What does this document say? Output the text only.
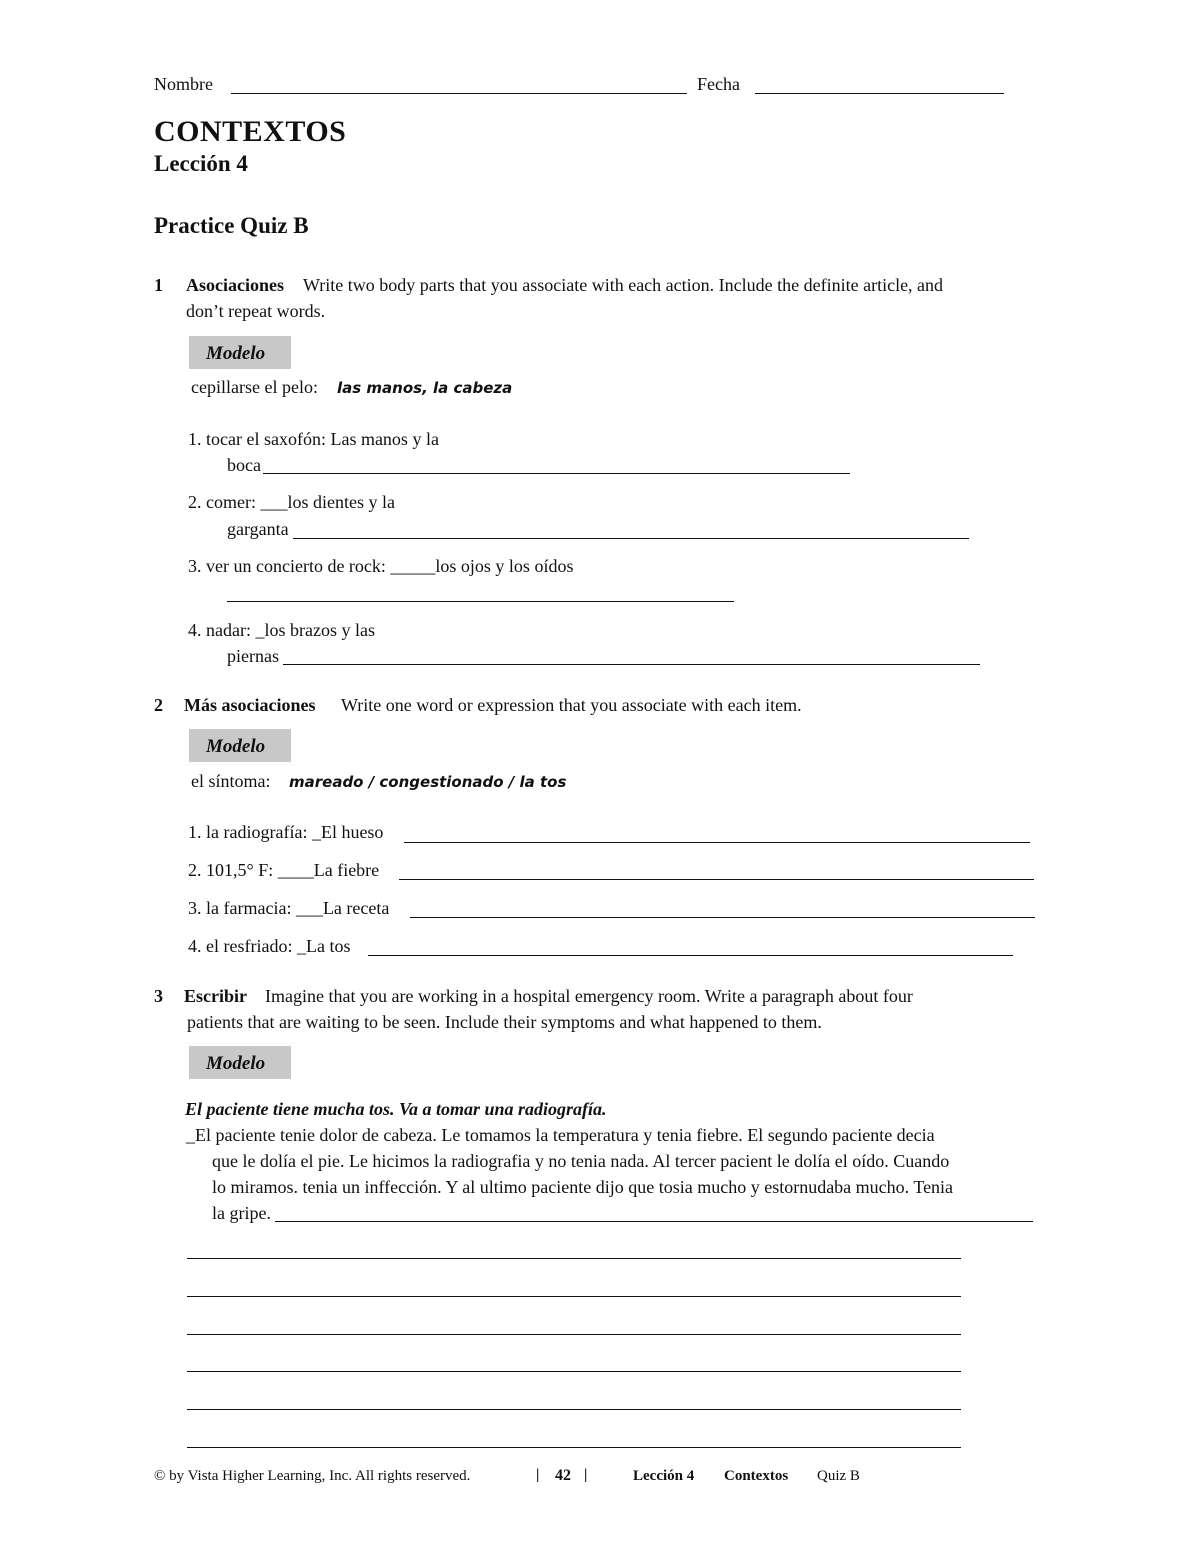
Nombre	Fecha
CONTEXTOS
Lección 4
Practice Quiz B
1 Asociaciones Write two body parts that you associate with each action. Include the definite article, and
don’t repeat words.
Modelo
cepillarse el pelo: las manos, la cabeza
1. tocar el saxofón: Las manos y la
boca
2. comer: ___los dientes y la
garganta
3. ver un concierto de rock: _____los ojos y los oídos
4. nadar: _los brazos y las
piernas
2 Más asociaciones Write one word or expression that you associate with each item.
Modelo
el síntoma: mareado / congestionado / la tos
1. la radiografía: _El hueso
2. 101,5° F: ____La fiebre
3. la farmacia: ___La receta
4. el resfriado: _La tos
3 Escribir Imagine that you are working in a hospital emergency room. Write a paragraph about four
patients that are waiting to be seen. Include their symptoms and what happened to them.
Modelo
El paciente tiene mucha tos. Va a tomar una radiografía.
_El paciente tenie dolor de cabeza. Le tomamos la temperatura y tenia fiebre. El segundo paciente decia
que le dolía el pie. Le hicimos la radiografia y no tenia nada. Al tercer pacient le dolía el oído. Cuando
lo miramos. tenia un inffección. Y al ultimo paciente dijo que tosia mucho y estornudaba mucho. Tenia
la gripe.
© by Vista Higher Learning, Inc. All rights reserved.	| 42 |	Lección 4 Contextos Quiz B
